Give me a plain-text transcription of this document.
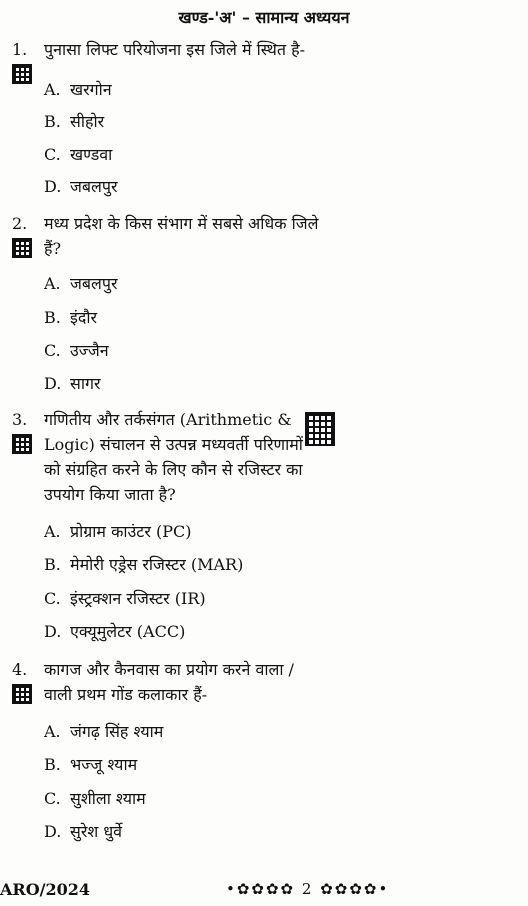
खण्ड-'अ' – सामान्य अध्ययन
1. पुनासा लिफ्ट परियोजना इस जिले में स्थित है-
A. खरगोन
B. सीहोर
C. खण्डवा
D. जबलपुर
2. मध्य प्रदेश के किस संभाग में सबसे अधिक जिले
हैं?
A. जबलपुर
B. इंदौर
C. उज्जैन
D. सागर
3. गणितीय और तर्कसंगत (Arithmetic &
Logic) संचालन से उत्पन्न मध्यवर्ती परिणामों
को संग्रहित करने के लिए कौन से रजिस्टर का
उपयोग किया जाता है?
A. प्रोग्राम काउंटर (PC)
B. मेमोरी एड्रेस रजिस्टर (MAR)
C. इंस्ट्रक्शन रजिस्टर (IR)
D. एक्यूमुलेटर (ACC)
4. कागज और कैनवास का प्रयोग करने वाला /
वाली प्रथम गोंड कलाकार हैं-
A. जंगढ़ सिंह श्याम
B. भज्जू श्याम
C. सुशीला श्याम
D. सुरेश धुर्वे
ARO/2024	•✿✿✿✿ 2 ✿✿✿✿•
